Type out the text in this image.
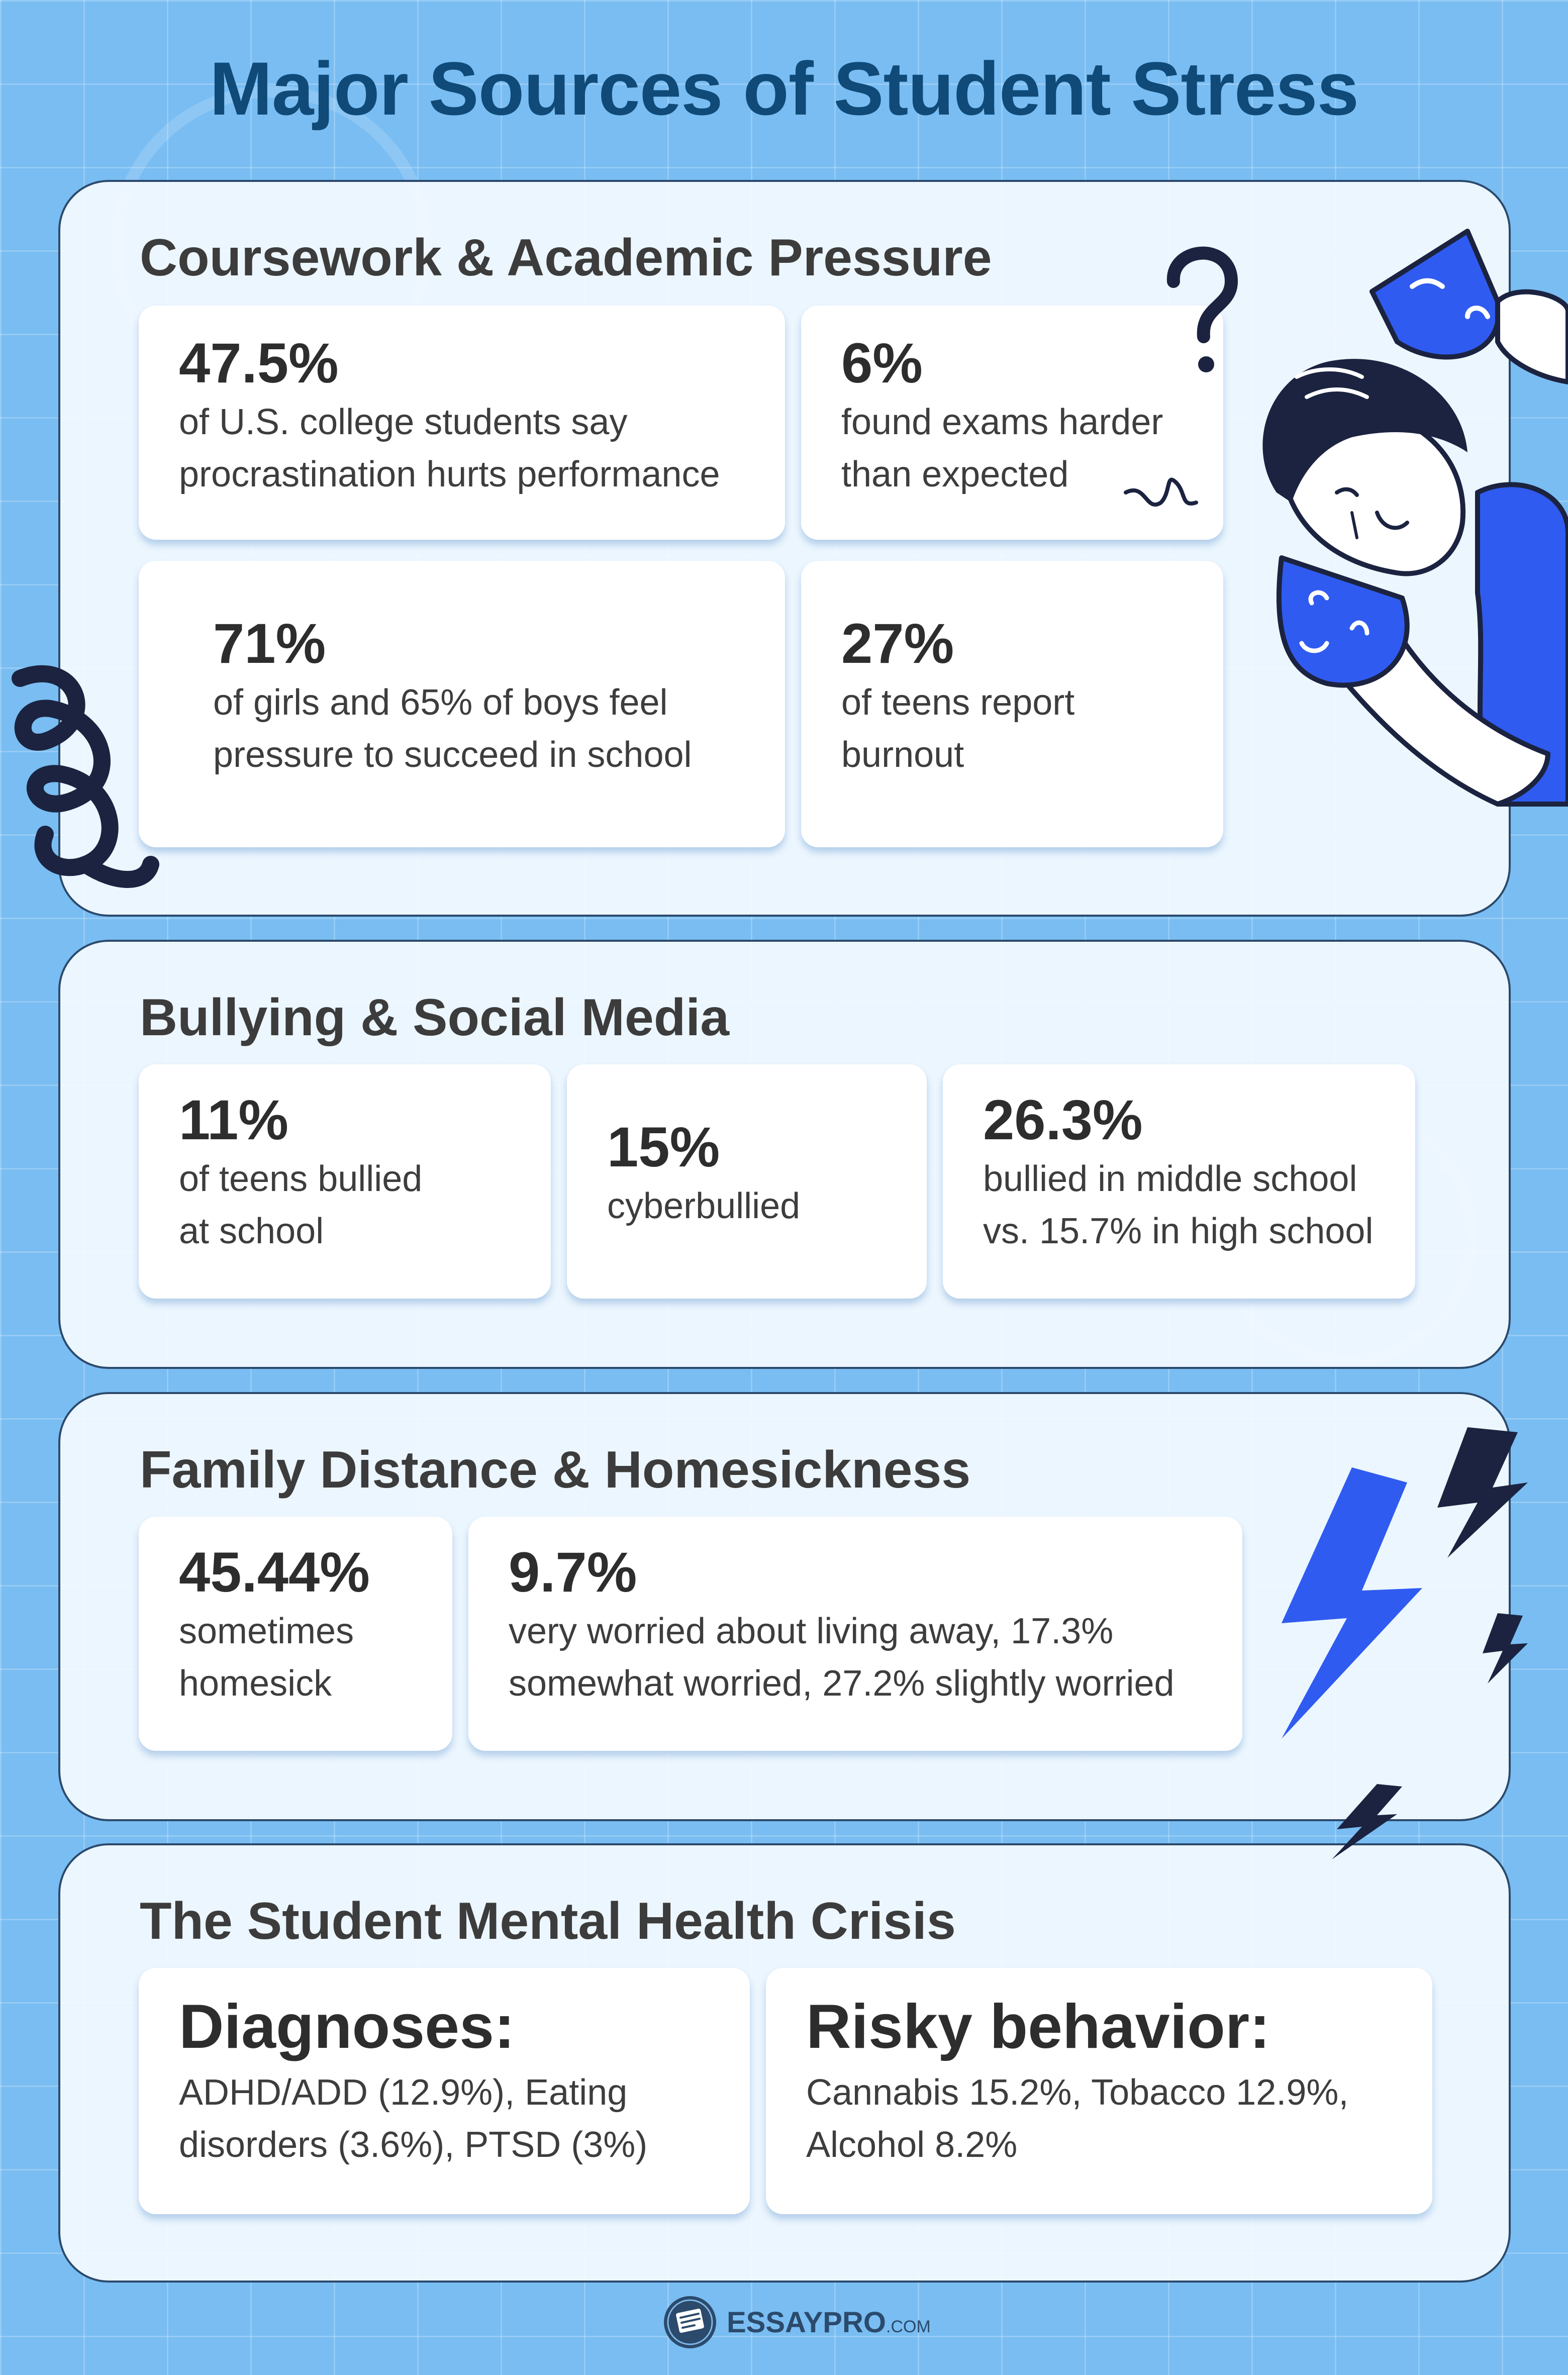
Major Sources of Student Stress
Coursework & Academic Pressure
47.5%
of U.S. college students say
procrastination hurts performance
6%
found exams harder
than expected
71%
of girls and 65% of boys feel
pressure to succeed in school
27%
of teens report
burnout
Bullying & Social Media
11%
of teens bullied
at school
15%
cyberbullied
26.3%
bullied in middle school
vs. 15.7% in high school
Family Distance & Homesickness
45.44%
sometimes
homesick
9.7%
very worried about living away, 17.3%
somewhat worried, 27.2% slightly worried
The Student Mental Health Crisis
Diagnoses:
ADHD/ADD (12.9%), Eating
disorders (3.6%), PTSD (3%)
Risky behavior:
Cannabis 15.2%, Tobacco 12.9%,
Alcohol 8.2%
ESSAYPRO.COM
